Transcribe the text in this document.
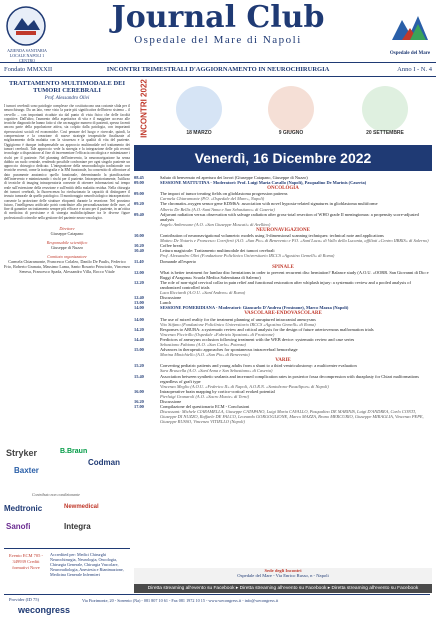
AZIENDA SANITARIA LOCALE NAPOLI 1 CENTRO
Journal Club
Ospedale del Mare di Napoli
Ospedale del Mare
INCONTRI TRIMESTRALI D'AGGIORNAMENTO IN NEUROCHIRURGIA
Fondato MMXXII	Anno I - N. 4
TRATTAMENTO MULTIMODALE DEI TUMORI CEREBRALI
Prof. Alessandro Olivi
I tumori cerebrali sono patologie complesse che costituiscono una costante sfida per il neurochirurgo. Da un lato, vene visto la parte più significativa dell'intero sistema – il cervello – con importanti ricadute sia dal punto di vista fisico che delle facoltà cognitive. Dall'altro, l'aumento della aspettativa di vita e il maggiore accesso alle tecniche diagnostiche hanno fatto sì che un maggior numero di pazienti, spesso facenti ancora parte della popolazione attiva, sia colpito dalla patologia, con importanti ripercussioni sociali ed economiche. Così pensare del luogo e ricercale, quindi, la comprensione e la creazione di nuove strategie terapeutiche finalizzate al miglioramento della malattia con la sicurezza e la qualità di vita del paziente. Oggigiorno è dunque indispensabile un approccio multimodale nel trattamento dei tumori cerebrali. Tale approccio vede la sinergia e la integrazione delle più recenti tecnologie a disposizione al fine di incrementare l'efficacia oncologica e minimizzare i rischi per il paziente. Nel planning dell'intervento, la neuronavigazione ha senza dubbio un ruolo centrale, rendendo possibile confrontare per ogni singolo paziente un approccio chirurgico dedicato. L'integrazione della neuroradiologia tradizionale con tecniche recenti, come la trattografia e la RM funzionale, ha consentito di affrontare al dato puramente anatomico quello funzionale, determinando la pianificazione dell'intervento e minimizzando i rischi per il paziente. Intraoperatoriamente, l'utilizzo di tecniche di imaging intraoperatoria consente di ottenere informazioni sul tempo reale sull'estensione della resezione e sull'entità della malattia residua. Nella chirurgia dei tumori cerebrali, la fluorescenza ha rivoluzionato la capacità di distinguere il tessuto tumorale da quello patologico. Il monitoraggio neurofisiologico intraoperatorio consente la protezione delle strutture eloquenti durante la resezione. Nel prossimo futuro, l'intelligenza artificiale potrà contribuire alla personalizzazione delle cure, al fine di garantire un trattamento sempre più efficace e sicuro per il paziente, in un'ottica di medicina di precisione e di sinergia multidisciplinare tra le diverse figure professionali coinvolte nella gestione del paziente neuro-oncologico.
Direttore
Giuseppe Catapano
Responsabile scientifico
Giuseppe di Nuzzo
Comitato organizzatore
Carmela Chiaramonte, Francesco Colaleo, Danilo De Paulis, Federico Frio, Roberto Granata, Massimo Lama, Santo Rosario Princiotto, Vincenzo Senesa, Francesco Spada, Alessandro Villa, Rocco Vitale
Stryker	B.Braun
Codman
Baxter
Contributo non condizionante
Medtronic	Newmedical
Sanofi	Integra
Evento ECM 705 - 349939 Crediti formativi Nove
Accredited per: Medici Chirurghi Neurochirurgia, Neurologia, Oncologia, Chirurgia Generale, Chirurgia Vascolare, Neuroradiologia, Anestesia e Rianimazione, Medicina Generale Infermieri
INCONTRI 2022	18 MARZO	9 GIUGNO	20 SETTEMBRE
Venerdì, 16 Dicembre 2022
08.45	Saluto di benvenuto ed apertura dei lavori (Giuseppe Catapano, Giuseppe di Nuzzo)
09.00	SESSIONE MATTUTINA - Moderatori: Prof. Luigi Maria Cavallo (Napoli), Pasqualino De Marinis (Caserta)
ONCOLOGIA
09.00	The impact of tumor treating fields on glioblastoma progression patterns
Carmela Chiaramonte (P.O. «Ospedale del Mare», Napoli)
09.20	The chromatin–oxygen sensor gene KDM6A: association with novel hypoxia-related signatures in glioblastoma multiforme
Alberto De Bellis (A.O.-Sant'Anna e San Sebastiano» di Caserta)
09.40	Adjuvant radiation versus observation with salvage radiation after gross-total resection of WHO grade II meningiomas: a propensity score-adjusted analysis
Angelo Ambrosone (A.O. «San Giuseppe Moscati» di Avellino)
NEURONAVIGAZIONE
10.00	Contribution of neuronavigational volumetric models using 3-dimensional scanning techniques: technical note and applications
Matteo De Notaris e Francesco Corriferti (A.O. «San Pio» di Benevento e P.O. «Sant'Luca» di Vallo della Lucania, affiliati «Centro IIBRIS» di Salerno)
10.20	Coffee break
10.40	Lettura magistrale: Trattamento multimodale dei tumori cerebrali
Prof. Alessandro Olivi (Fondazione Policlinico Universitario IRCCS «Agostino Gemelli» di Roma)
11.40	Domande all'esperto
SPINALE
12.00	What is better treatment for lumbar disc herniations in order to prevent recurrent disc herniation? Balance study (A.O.U. «OORR. San Giovanni di Dio e Ruggi d'Aragona» Scuola Medica Salernitana di Salerno)
12.20	The role of non-rigid cervical collar in pain relief and functional restoration after whiplash injury: a systematic review and a pooled analysis of randomized controlled trials
Luca Ricciardi (A.O.U. «Sant'Andrea» di Roma)
12.40	Discussione
13.00	Lunch
14.00	SESSIONE POMERIDIANA - Moderatori: Giancarlo D'Andrea (Frosinone), Marco Mazza (Napoli)
VASCOLARE-ENDOVASCOLARE
14.00	The use of mixed reality for the treatment planning of unruptured intracranial aneurysms
Vito Stifano (Fondazione Policlinico Universitario IRCCS «Agostino Gemelli» di Roma)
14.20	Responses to ARUBA: a systematic review and critical analysis for the design of future arteriovenous malformation trials
Vincenzo Piccirillo (Ospedale «Fabrizio Spaziani» di Frosinone)
14.40	Predictors of aneurysm occlusion following treatment with the WEB device: systematic review and case series
Sebastiano Fabiano (A.O. «San Carlo» Potenza)
15.00	Advances in therapeutic approaches for spontaneous intracerebral hemorrhage
Marina Minichiello (A.O. «San Pio» di Benevento)
VARIE
15.20	Converting pediatric patients and young adults from a shunt to a third ventriculostomy: a multicenter evaluation
Sara Bruscella (A.O. «Sant'Anna e San Sebastiano» di Caserta)
15.40	Association between synthetic sealants and increased complication rates in posterior fossa decompression with duraplasty for Chiari malformations regardless of graft type
Vincenzo Meglio (A.O.U. «Federico II» di Napoli, A.O.R.N. «Santobono-Pausilipon» di Napoli)
16.00	Intraoperative brain mapping by cortico-cortical evoked potential
Pierluigi Granaroli (A.O. «Sacro Monte» di Terni)
16.20	Discussione
17.00	Compilazione del questionario ECM - Conclusioni
Discussant: Michele CIARAMELLA, Giuseppe CATAPANO, Luigi Maria CAVALLO, Pasqualino DE MARINIS, Luigi D'ANDREA, Carlo CONTI, Giuseppe DI NUZZO, Raffaele DE FALCO, Leonardo GORGOGLIONE, Marco MAZZA, Bruno MERCURIO, Giuseppe MIRAGLIA, Vincenzo PEPE, Giuseppe RUSSO, Vincenzo VITIELLO (Napoli)
Sede degli Incontri
Ospedale del Mare - Via Enrico Russo, n - Napoli
Diretta streaming all'evento su Facebook ▸ Diretta streaming all'evento su Facebook ▸ Diretta streaming all'evento su Facebook
Provider (ID 75)
wecongress
Via Fiorimonte, 20 - Sorrento (Na) - 081 807 10 61 - Fax 081 1972 10 15 - www.wecongress.it - info@wecongress.it
